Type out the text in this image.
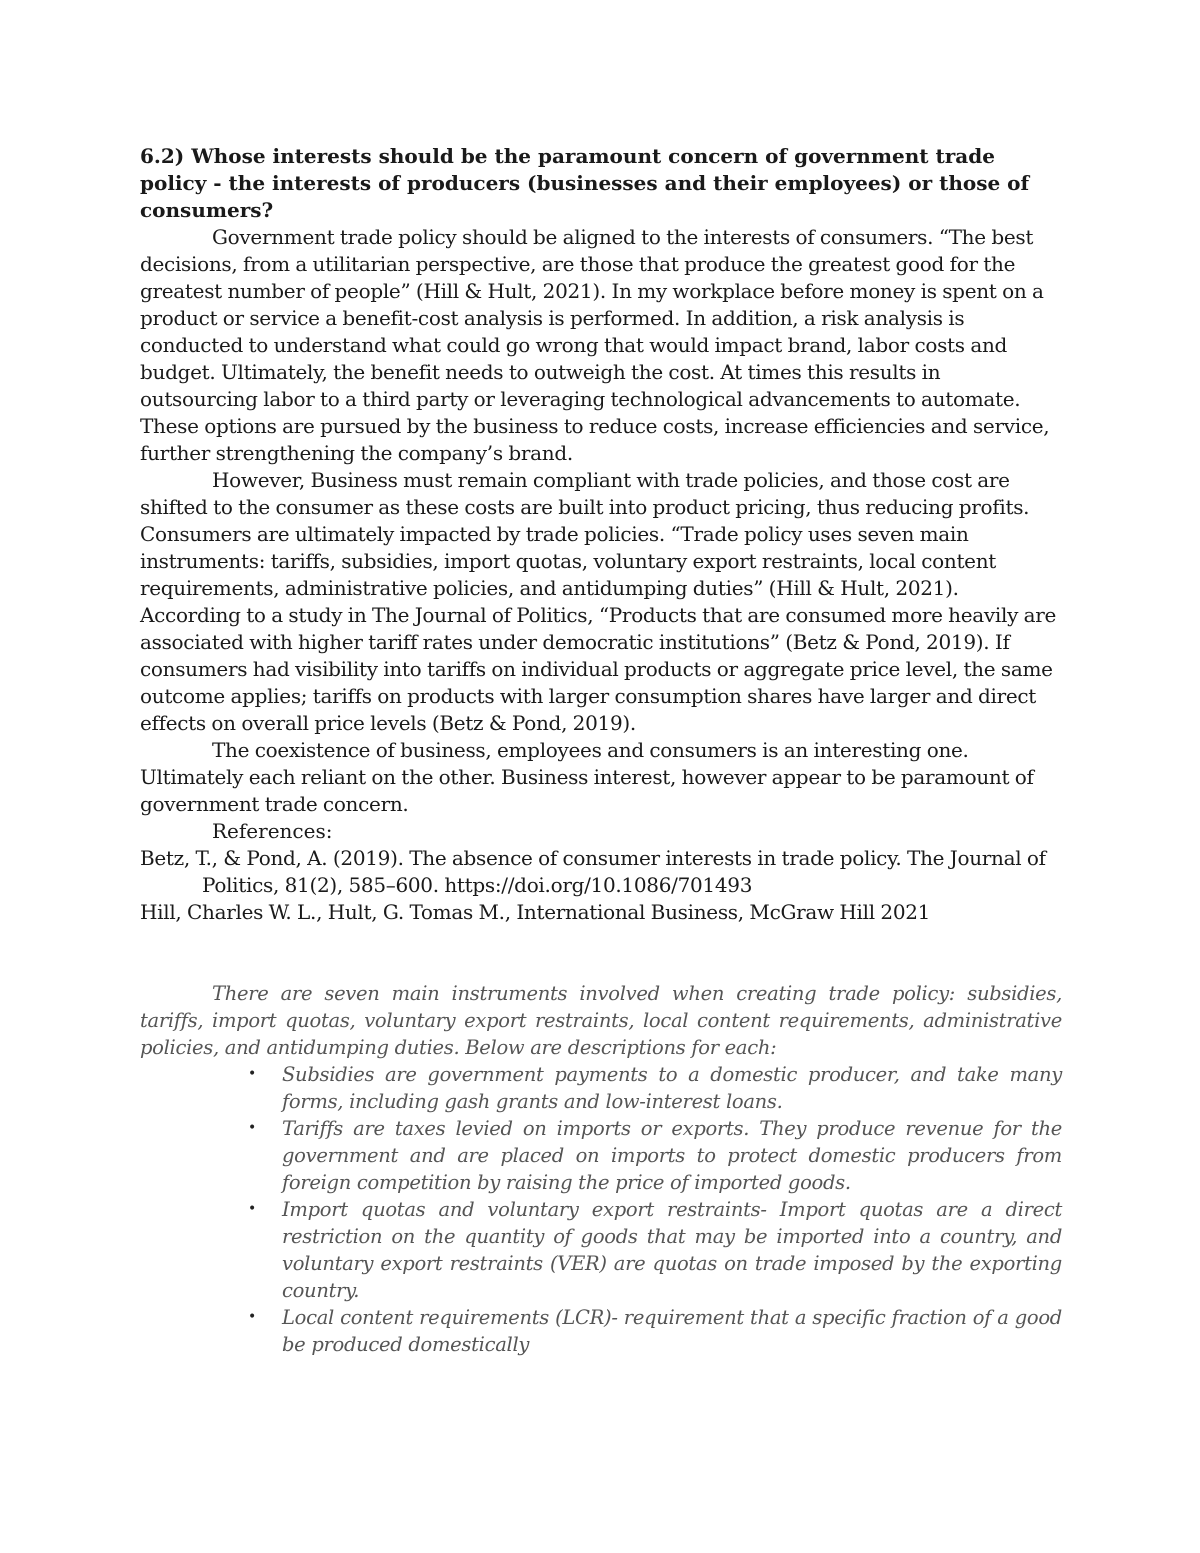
6.2) Whose interests should be the paramount concern of government trade policy - the interests of producers (businesses and their employees) or those of consumers?

Government trade policy should be aligned to the interests of consumers. “The best decisions, from a utilitarian perspective, are those that produce the greatest good for the greatest number of people” (Hill & Hult, 2021). In my workplace before money is spent on a product or service a benefit-cost analysis is performed. In addition, a risk analysis is conducted to understand what could go wrong that would impact brand, labor costs and budget. Ultimately, the benefit needs to outweigh the cost. At times this results in outsourcing labor to a third party or leveraging technological advancements to automate. These options are pursued by the business to reduce costs, increase efficiencies and service, further strengthening the company’s brand.

However, Business must remain compliant with trade policies, and those cost are shifted to the consumer as these costs are built into product pricing, thus reducing profits. Consumers are ultimately impacted by trade policies. “Trade policy uses seven main instruments: tariffs, subsidies, import quotas, voluntary export restraints, local content requirements, administrative policies, and antidumping duties” (Hill & Hult, 2021). According to a study in The Journal of Politics, “Products that are consumed more heavily are associated with higher tariff rates under democratic institutions” (Betz & Pond, 2019). If consumers had visibility into tariffs on individual products or aggregate price level, the same outcome applies; tariffs on products with larger consumption shares have larger and direct effects on overall price levels (Betz & Pond, 2019).

The coexistence of business, employees and consumers is an interesting one. Ultimately each reliant on the other. Business interest, however appear to be paramount of government trade concern.

References:

Betz, T., & Pond, A. (2019). The absence of consumer interests in trade policy. The Journal of Politics, 81(2), 585–600. https://doi.org/10.1086/701493

Hill, Charles W. L., Hult, G. Tomas M., International Business, McGraw Hill 2021

There are seven main instruments involved when creating trade policy: subsidies, tariffs, import quotas, voluntary export restraints, local content requirements, administrative policies, and antidumping duties. Below are descriptions for each:

• Subsidies are government payments to a domestic producer, and take many forms, including gash grants and low-interest loans.
• Tariffs are taxes levied on imports or exports. They produce revenue for the government and are placed on imports to protect domestic producers from foreign competition by raising the price of imported goods.
• Import quotas and voluntary export restraints- Import quotas are a direct restriction on the quantity of goods that may be imported into a country, and voluntary export restraints (VER) are quotas on trade imposed by the exporting country.
• Local content requirements (LCR)- requirement that a specific fraction of a good be produced domestically
